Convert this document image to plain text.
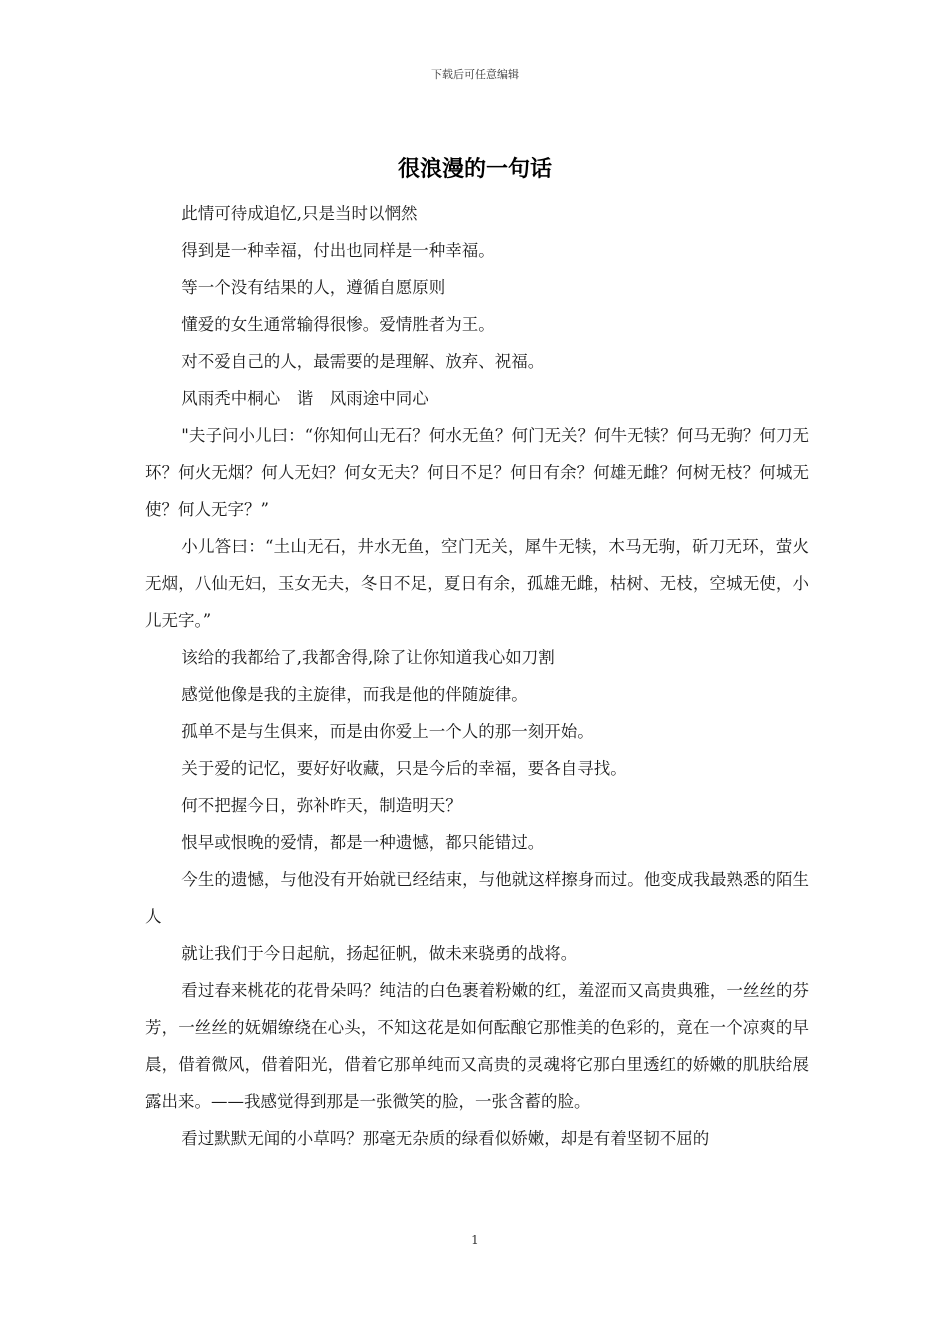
下载后可任意编辑
很浪漫的一句话

此情可待成追忆,只是当时以惘然

得到是一种幸福，付出也同样是一种幸福。

等一个没有结果的人，遵循自愿原则

懂爱的女生通常输得很惨。爱情胜者为王。

对不爱自己的人，最需要的是理解、放弃、祝福。

风雨秃中桐心　谐　风雨途中同心

"夫子问小儿曰：“你知何山无石？何水无鱼？何门无关？何牛无犊？何马无驹？何刀无环？何火无烟？何人无妇？何女无夫？何日不足？何日有余？何雄无雌？何树无枝？何城无使？何人无字？”

小儿答曰：“土山无石，井水无鱼，空门无关，犀牛无犊，木马无驹，斫刀无环，萤火无烟，八仙无妇，玉女无夫，冬日不足，夏日有余，孤雄无雌，枯树、无枝，空城无使，小儿无字。”

该给的我都给了,我都舍得,除了让你知道我心如刀割

感觉他像是我的主旋律，而我是他的伴随旋律。

孤单不是与生俱来，而是由你爱上一个人的那一刻开始。

关于爱的记忆，要好好收藏，只是今后的幸福，要各自寻找。

何不把握今日，弥补昨天，制造明天？

恨早或恨晚的爱情，都是一种遗憾，都只能错过。

今生的遗憾，与他没有开始就已经结束，与他就这样擦身而过。他变成我最熟悉的陌生人

就让我们于今日起航，扬起征帆，做未来骁勇的战将。

看过春来桃花的花骨朵吗？纯洁的白色裹着粉嫩的红，羞涩而又高贵典雅，一丝丝的芬芳，一丝丝的妩媚缭绕在心头，不知这花是如何酝酿它那惟美的色彩的，竟在一个凉爽的早晨，借着微风，借着阳光，借着它那单纯而又高贵的灵魂将它那白里透红的娇嫩的肌肤给展露出来。——我感觉得到那是一张微笑的脸，一张含蓄的脸。

看过默默无闻的小草吗？那毫无杂质的绿看似娇嫩，却是有着坚韧不屈的

1
